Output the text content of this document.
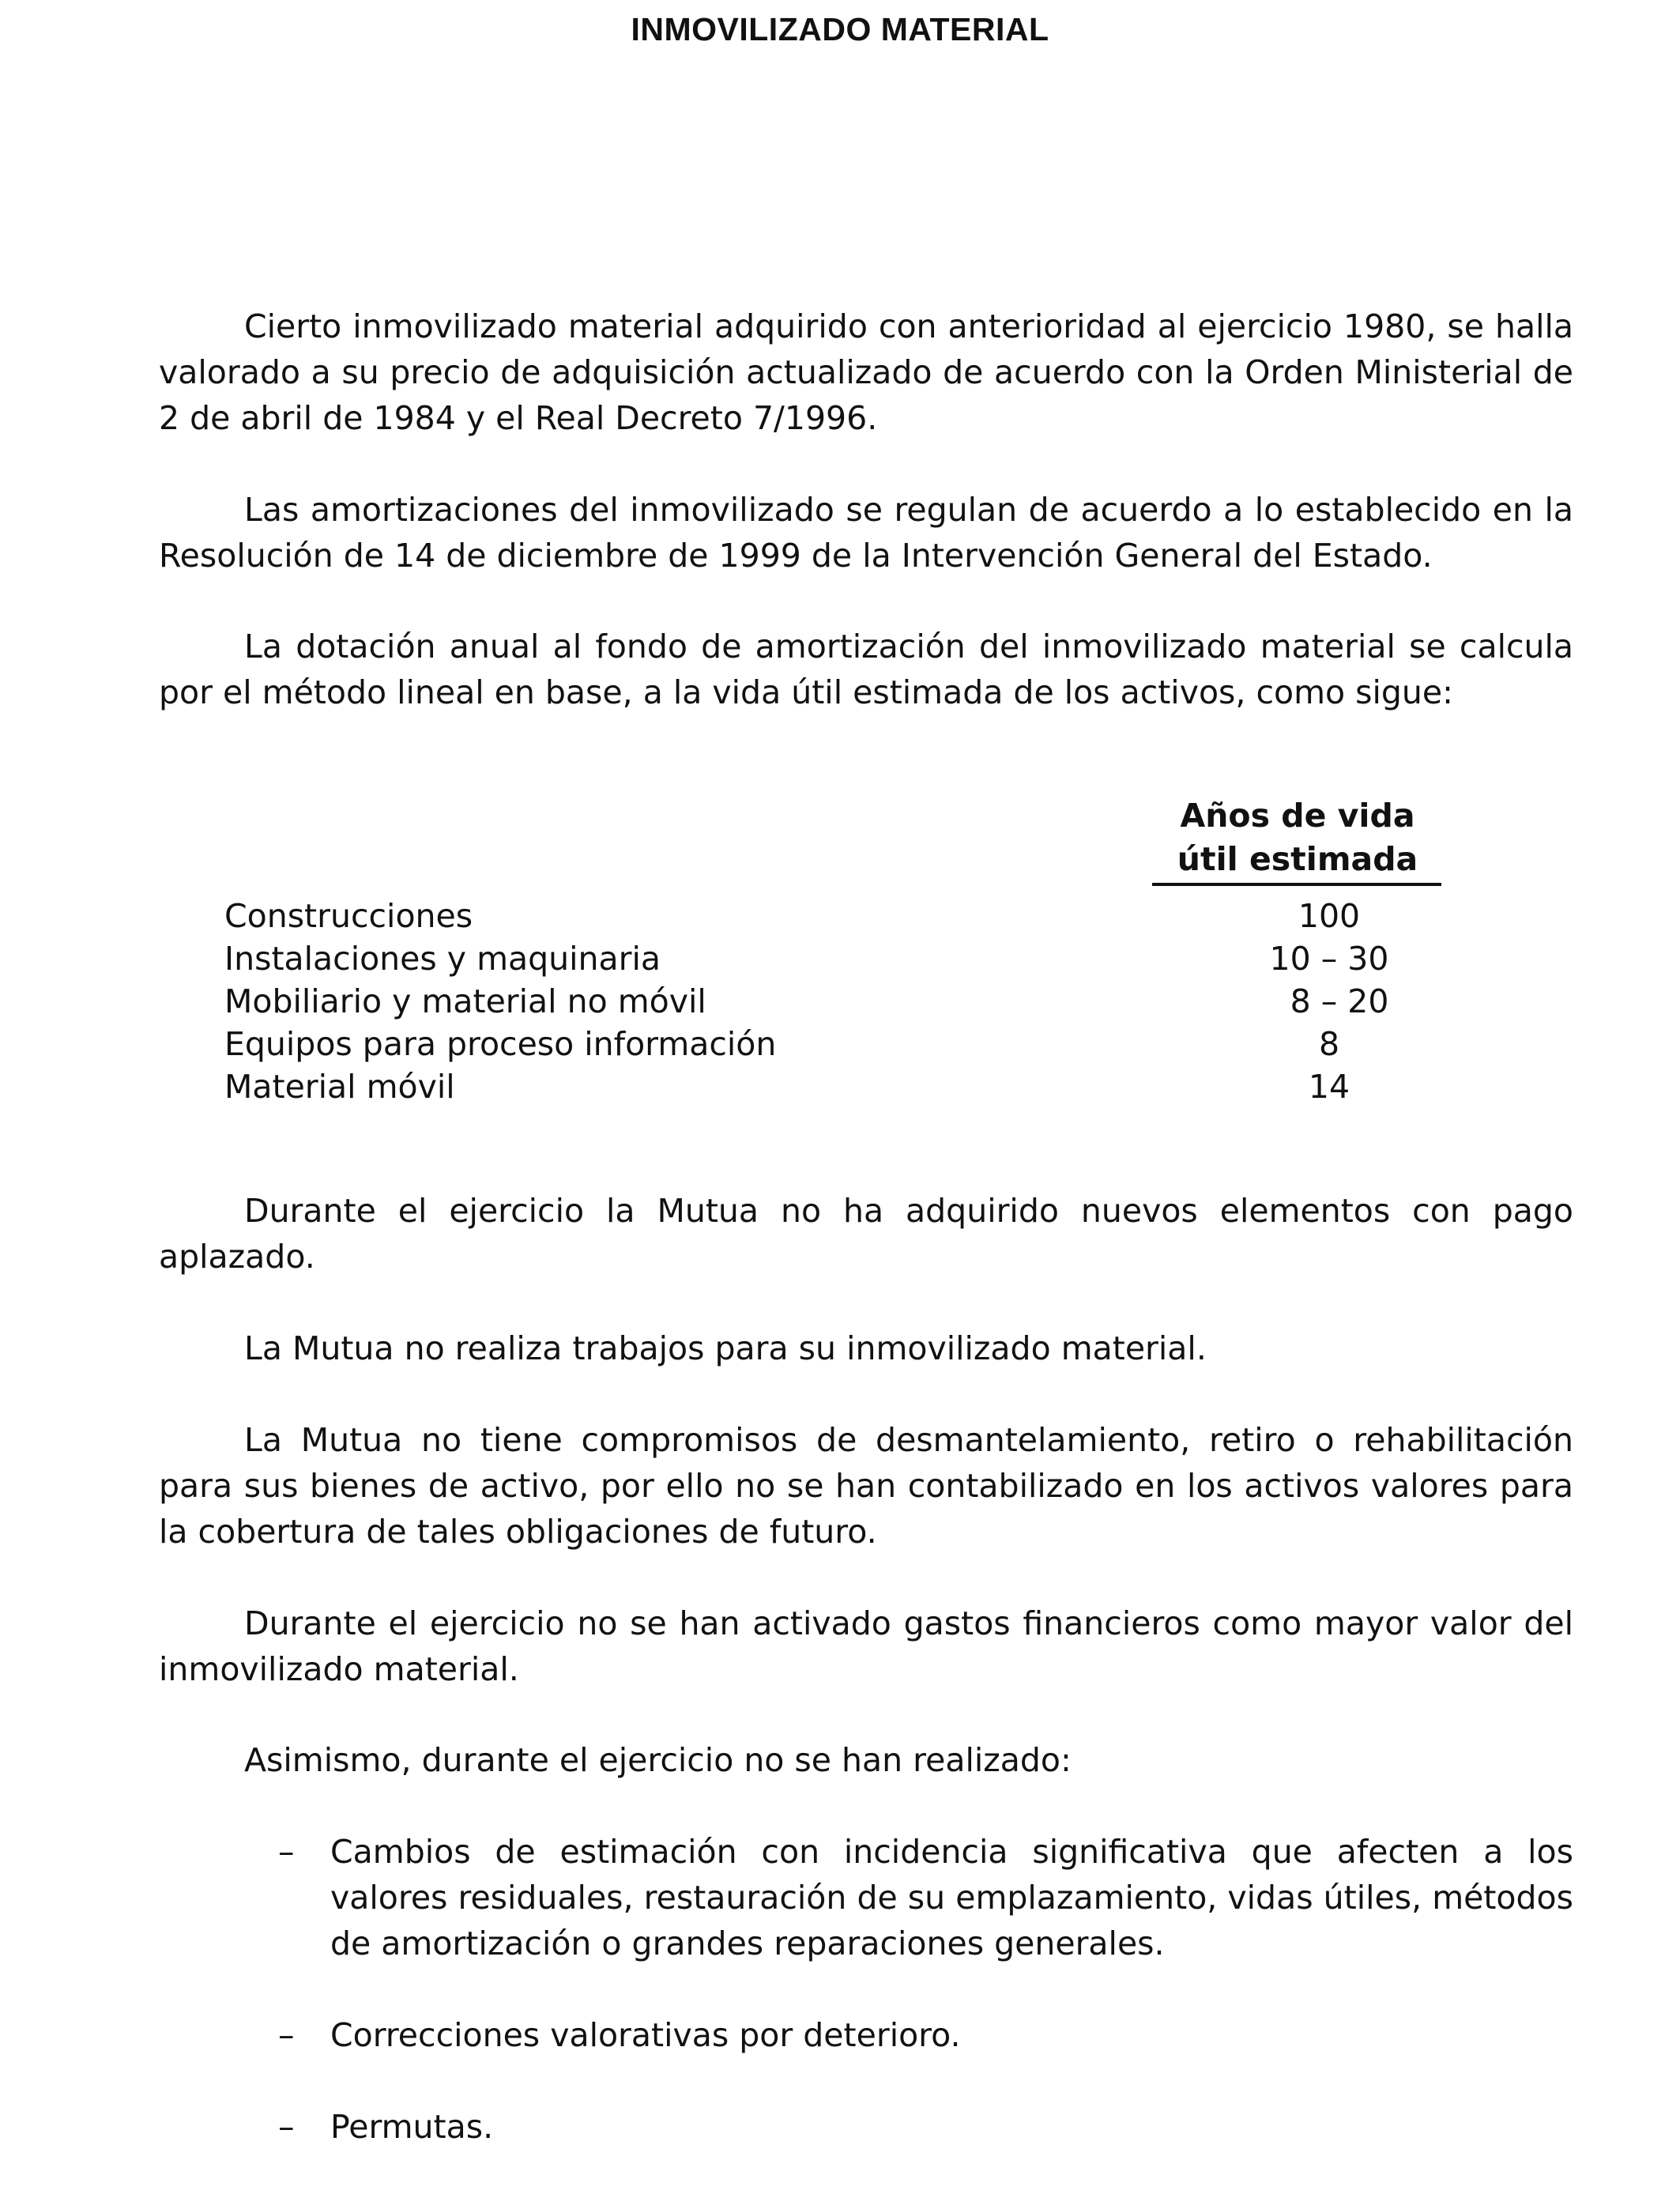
INMOVILIZADO MATERIAL

Cierto inmovilizado material adquirido con anterioridad al ejercicio 1980, se halla valorado a su precio de adquisición actualizado de acuerdo con la Orden Ministerial de 2 de abril de 1984 y el Real Decreto 7/1996.

Las amortizaciones del inmovilizado se regulan de acuerdo a lo establecido en la Resolución de 14 de diciembre de 1999 de la Intervención General del Estado.

La dotación anual al fondo de amortización del inmovilizado material se calcula por el método lineal en base, a la vida útil estimada de los activos, como sigue:

Años de vida
útil estimada
Construcciones	100
Instalaciones y maquinaria	10 – 30
Mobiliario y material no móvil	8 – 20
Equipos para proceso información	8
Material móvil	14

Durante el ejercicio la Mutua no ha adquirido nuevos elementos con pago aplazado.

La Mutua no realiza trabajos para su inmovilizado material.

La Mutua no tiene compromisos de desmantelamiento, retiro o rehabilitación para sus bienes de activo, por ello no se han contabilizado en los activos valores para la cobertura de tales obligaciones de futuro.

Durante el ejercicio no se han activado gastos financieros como mayor valor del inmovilizado material.

Asimismo, durante el ejercicio no se han realizado:

– Cambios de estimación con incidencia significativa que afecten a los valores residuales, restauración de su emplazamiento, vidas útiles, métodos de amortización o grandes reparaciones generales.

– Correcciones valorativas por deterioro.

– Permutas.
